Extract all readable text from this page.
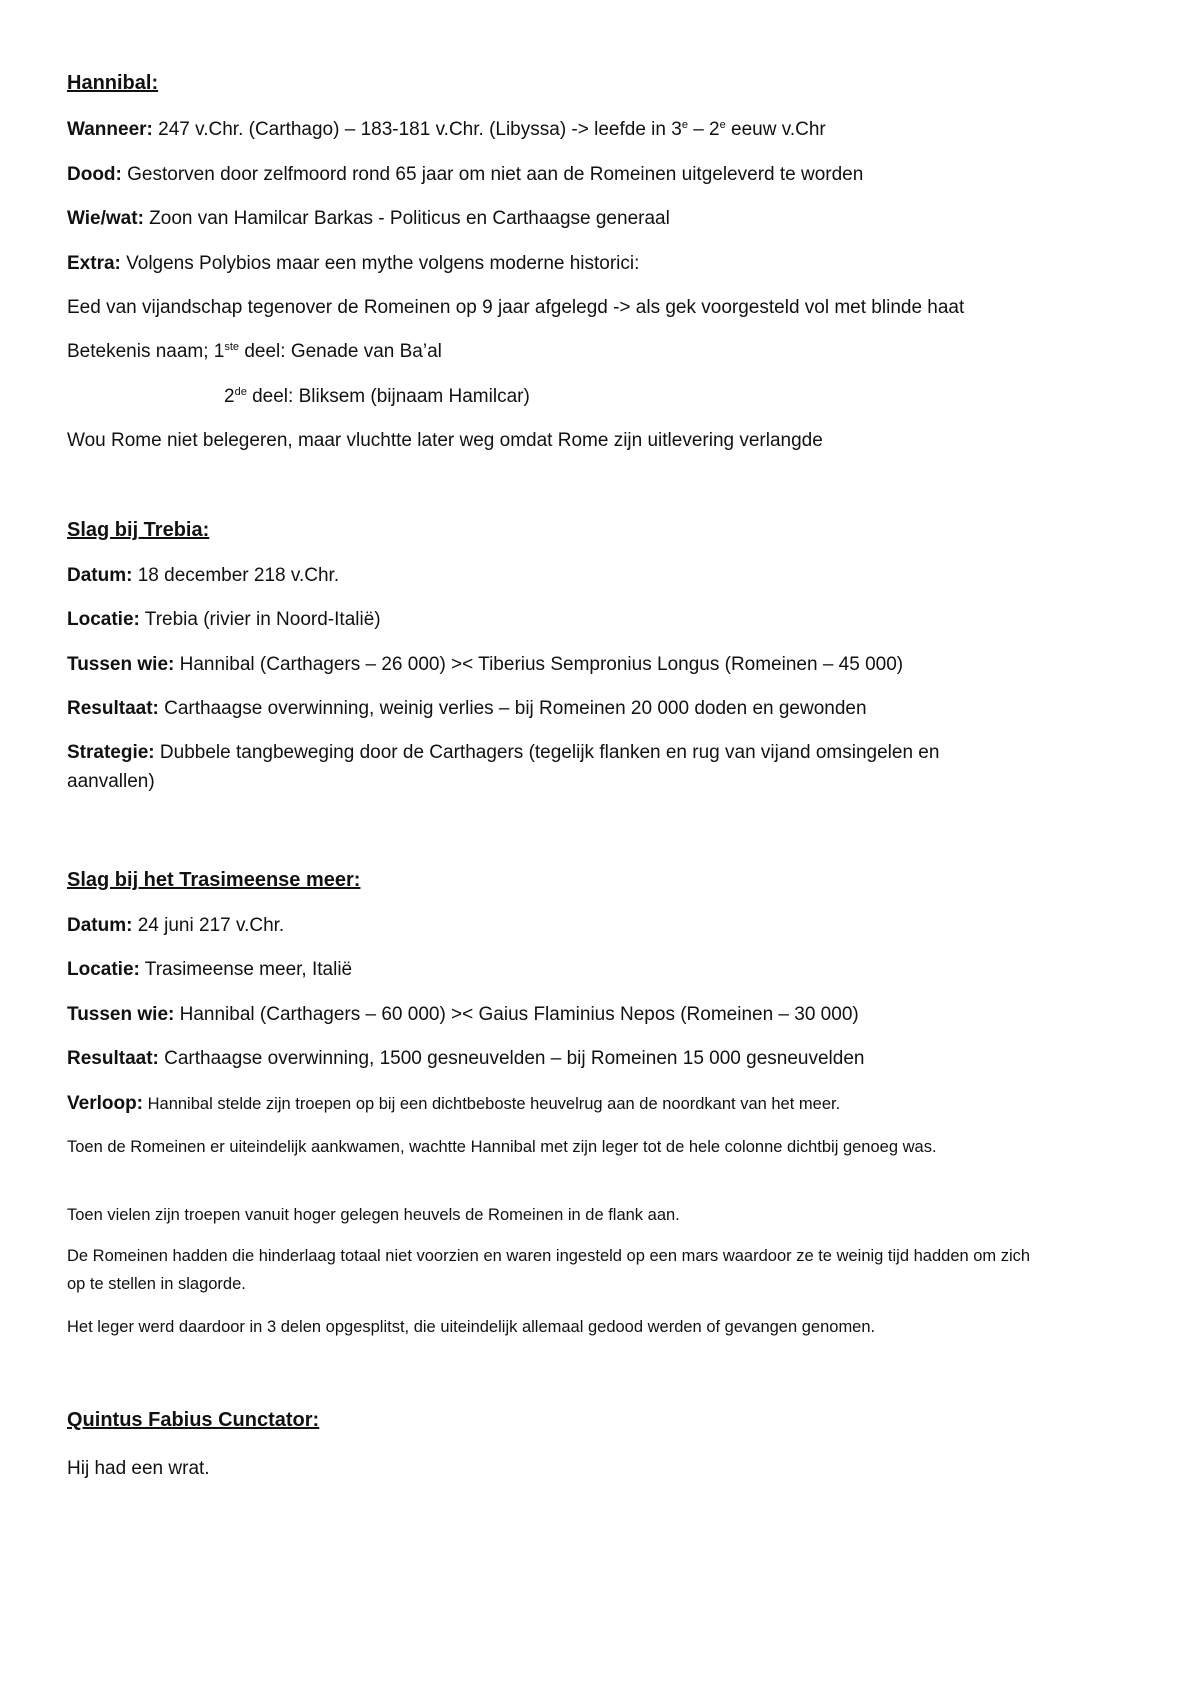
Hannibal:
Wanneer: 247 v.Chr. (Carthago) – 183-181 v.Chr. (Libyssa) -> leefde in 3e – 2e eeuw v.Chr
Dood: Gestorven door zelfmoord rond 65 jaar om niet aan de Romeinen uitgeleverd te worden
Wie/wat: Zoon van Hamilcar Barkas - Politicus en Carthaagse generaal
Extra: Volgens Polybios maar een mythe volgens moderne historici:
Eed van vijandschap tegenover de Romeinen op 9 jaar afgelegd -> als gek voorgesteld vol met blinde haat
Betekenis naam; 1ste deel: Genade van Ba’al
2de deel: Bliksem (bijnaam Hamilcar)
Wou Rome niet belegeren, maar vluchtte later weg omdat Rome zijn uitlevering verlangde
Slag bij Trebia:
Datum: 18 december 218 v.Chr.
Locatie: Trebia (rivier in Noord-Italië)
Tussen wie: Hannibal (Carthagers – 26 000) >< Tiberius Sempronius Longus (Romeinen – 45 000)
Resultaat: Carthaagse overwinning, weinig verlies – bij Romeinen 20 000 doden en gewonden
Strategie: Dubbele tangbeweging door de Carthagers (tegelijk flanken en rug van vijand omsingelen en aanvallen)
Slag bij het Trasimeense meer:
Datum: 24 juni 217 v.Chr.
Locatie: Trasimeense meer, Italië
Tussen wie: Hannibal (Carthagers – 60 000) >< Gaius Flaminius Nepos (Romeinen – 30 000)
Resultaat: Carthaagse overwinning, 1500 gesneuvelden – bij Romeinen 15 000 gesneuvelden
Verloop: Hannibal stelde zijn troepen op bij een dichtbeboste heuvelrug aan de noordkant van het meer.
Toen de Romeinen er uiteindelijk aankwamen, wachtte Hannibal met zijn leger tot de hele colonne dichtbij genoeg was.
Toen vielen zijn troepen vanuit hoger gelegen heuvels de Romeinen in de flank aan.
De Romeinen hadden die hinderlaag totaal niet voorzien en waren ingesteld op een mars waardoor ze te weinig tijd hadden om zich op te stellen in slagorde.
Het leger werd daardoor in 3 delen opgesplitst, die uiteindelijk allemaal gedood werden of gevangen genomen.
Quintus Fabius Cunctator:
Hij had een wrat.
